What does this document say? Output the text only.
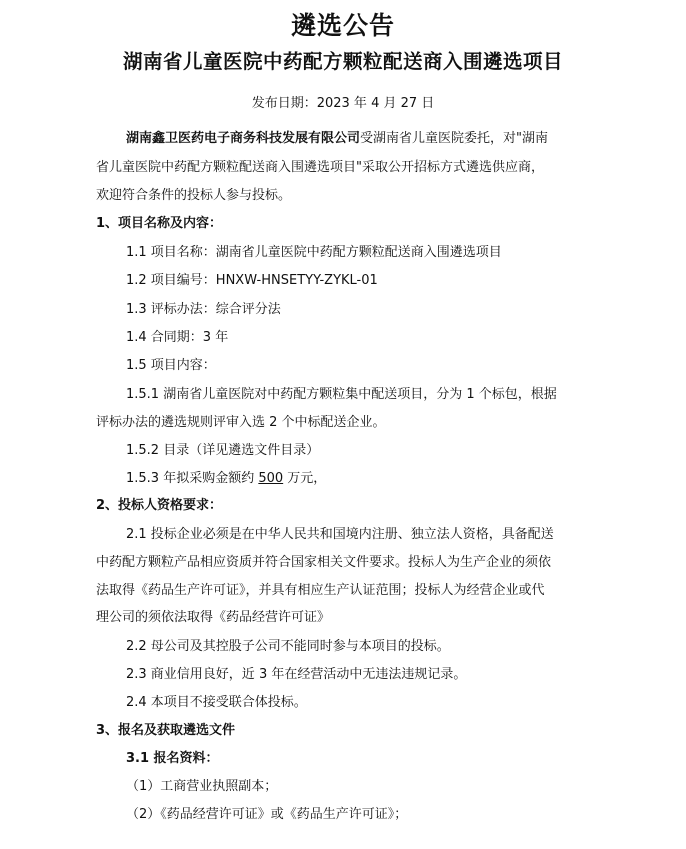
遴选公告
湖南省儿童医院中药配方颗粒配送商入围遴选项目
发布日期：2023 年 4 月 27 日
湖南鑫卫医药电子商务科技发展有限公司受湖南省儿童医院委托，对"湖南
省儿童医院中药配方颗粒配送商入围遴选项目"采取公开招标方式遴选供应商，
欢迎符合条件的投标人参与投标。
1、项目名称及内容：
1.1 项目名称：湖南省儿童医院中药配方颗粒配送商入围遴选项目
1.2 项目编号：HNXW-HNSETYY-ZYKL-01
1.3 评标办法：综合评分法
1.4 合同期：3 年
1.5 项目内容：
1.5.1 湖南省儿童医院对中药配方颗粒集中配送项目，分为 1 个标包，根据
评标办法的遴选规则评审入选 2 个中标配送企业。
1.5.2 目录（详见遴选文件目录）
1.5.3 年拟采购金额约 500 万元，
2、投标人资格要求：
2.1 投标企业必须是在中华人民共和国境内注册、独立法人资格，具备配送
中药配方颗粒产品相应资质并符合国家相关文件要求。投标人为生产企业的须依
法取得《药品生产许可证》，并具有相应生产认证范围；投标人为经营企业或代
理公司的须依法取得《药品经营许可证》
2.2 母公司及其控股子公司不能同时参与本项目的投标。
2.3 商业信用良好，近 3 年在经营活动中无违法违规记录。
2.4 本项目不接受联合体投标。
3、报名及获取遴选文件
3.1 报名资料：
（1）工商营业执照副本；
（2）《药品经营许可证》或《药品生产许可证》；
